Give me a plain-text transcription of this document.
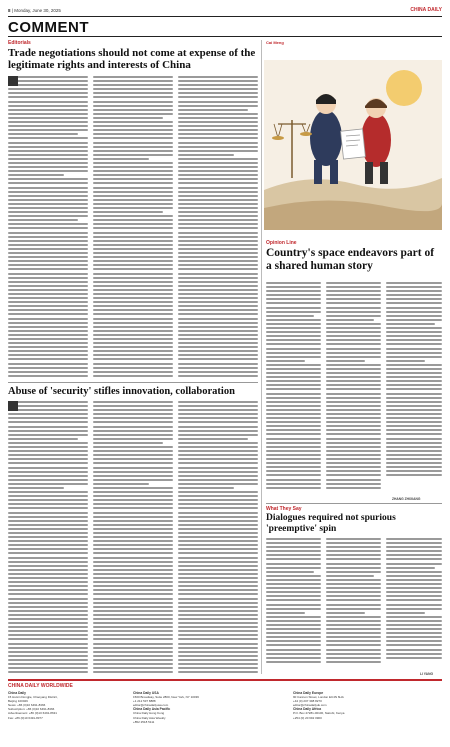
8 | Monday, June 30, 2025	CHINA DAILY
COMMENT
Editorials
Trade negotiations should not come at expense of the legitimate rights and interests of China
Abuse of 'security' stifles innovation, collaboration
Cai Meng
Opinion Line
Country's space endeavors part of a shared human story
ZHANG ZHIXIANG
What They Say
Dialogues required not spurious 'preemptive' spin
LI YANG
CHINA DAILY WORLDWIDE
China Daily
15 Huixin Dongjie, Chaoyang District,
Beijing 100029
News: +86 (0)10 6491-8366
Subscription: +86 (0)10 6491-8366
Advertisement: +86 (0)10 6491-8631
Fax: +86 (0)10 6491-8377
China Daily USA
1500 Broadway, Suite 2800, New York, NY 10036
+1 212 537 8888
editor@chinadailyusa.com
China Daily Asia Pacific
China Daily Hong Kong
China Daily Asia Weekly
+852 2518 5111
China Daily Europe
90 Cannon Street, London EC4N 6HA
+44 (0) 207 398 8270
editor@chinadailyuk.com
China Daily Africa
P.O. Box 27281-00100, Nairobi, Kenya
+254 (0) 20 692 0900
